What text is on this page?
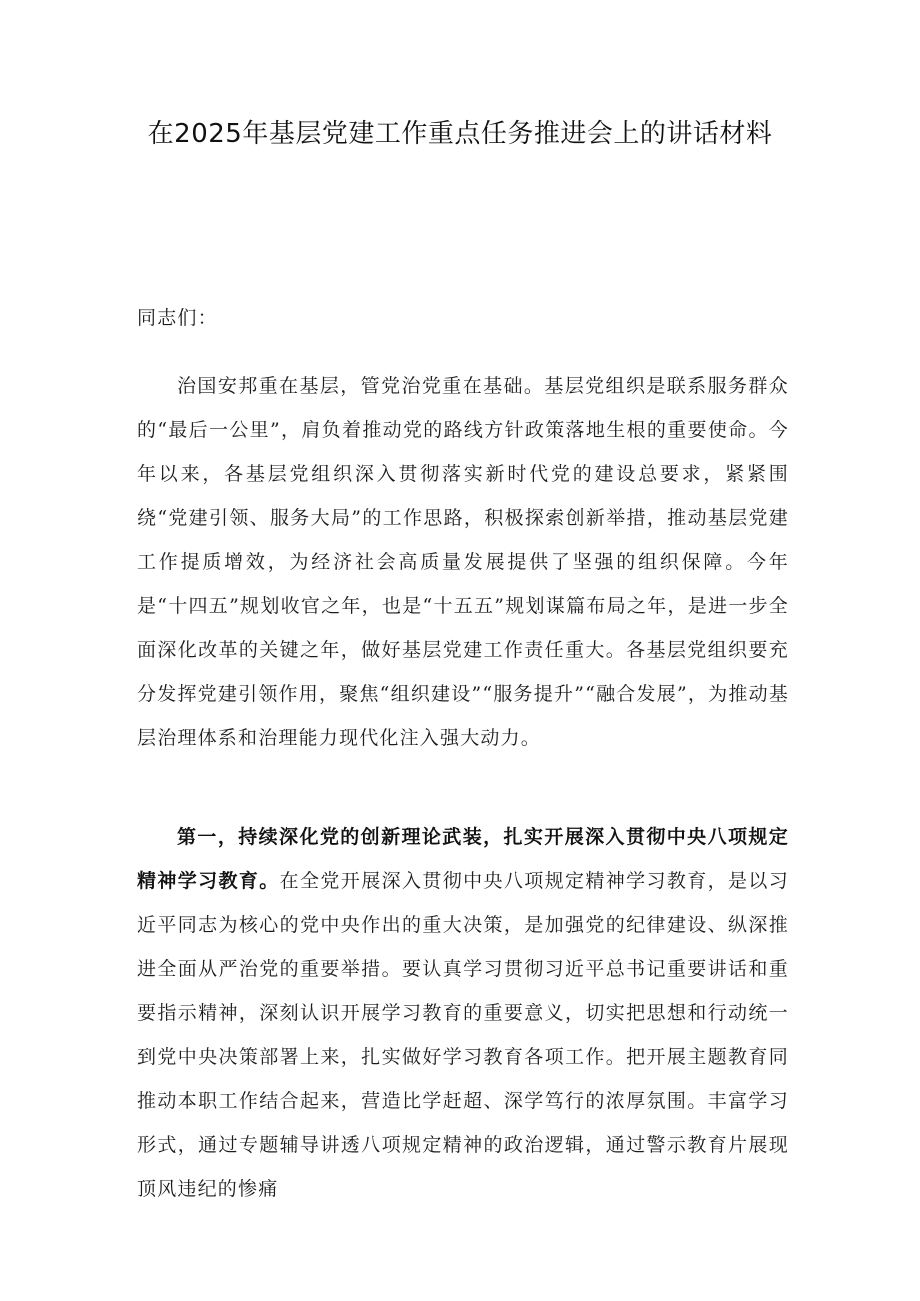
在2025年基层党建工作重点任务推进会上的讲话材料
同志们：
治国安邦重在基层，管党治党重在基础。基层党组织是联系服务群众的“最后一公里”，肩负着推动党的路线方针政策落地生根的重要使命。今年以来，各基层党组织深入贯彻落实新时代党的建设总要求，紧紧围绕“党建引领、服务大局”的工作思路，积极探索创新举措，推动基层党建工作提质增效，为经济社会高质量发展提供了坚强的组织保障。今年是“十四五”规划收官之年，也是“十五五”规划谋篇布局之年，是进一步全面深化改革的关键之年，做好基层党建工作责任重大。各基层党组织要充分发挥党建引领作用，聚焦“组织建设”“服务提升”“融合发展”，为推动基层治理体系和治理能力现代化注入强大动力。
第一，持续深化党的创新理论武装，扎实开展深入贯彻中央八项规定精神学习教育。在全党开展深入贯彻中央八项规定精神学习教育，是以习近平同志为核心的党中央作出的重大决策，是加强党的纪律建设、纵深推进全面从严治党的重要举措。要认真学习贯彻习近平总书记重要讲话和重要指示精神，深刻认识开展学习教育的重要意义，切实把思想和行动统一到党中央决策部署上来，扎实做好学习教育各项工作。把开展主题教育同推动本职工作结合起来，营造比学赶超、深学笃行的浓厚氛围。丰富学习形式，通过专题辅导讲透八项规定精神的政治逻辑，通过警示教育片展现顶风违纪的惨痛
